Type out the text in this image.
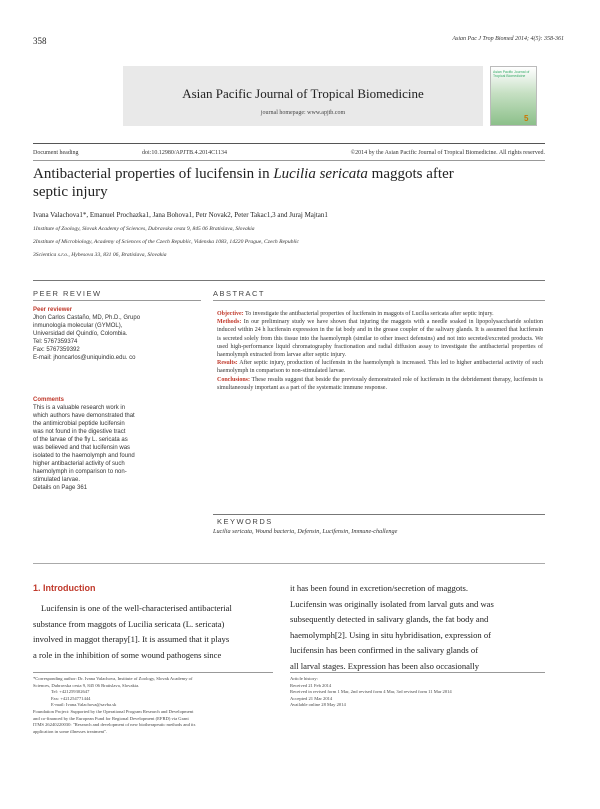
358	Asian Pac J Trop Biomed 2014; 4(5): 358-361
Asian Pacific Journal of Tropical Biomedicine
journal homepage: www.apjtb.com
Asian Pacific Journal of Tropical Biomedicine
5
Document heading	doi:10.12980/APJTB.4.2014C1134	©2014 by the Asian Pacific Journal of Tropical Biomedicine. All rights reserved.
Antibacterial properties of lucifensin in Lucilia sericata maggots after
septic injury
Ivana Valachova1*, Emanuel Prochazka1, Jana Bohova1, Petr Novak2, Peter Takac1,3 and Juraj Majtan1
1Institute of Zoology, Slovak Academy of Sciences, Dubravska cesta 9, 845 06 Bratislava, Slovakia
2Institute of Microbiology, Academy of Sciences of the Czech Republic, Videnska 1083, 14220 Prague, Czech Republic
3Scientica s.r.o., Hybesova 33, 831 06, Bratislava, Slovakia
PEER REVIEW
Peer reviewer
Jhon Carlos Castaño, MD, Ph.D., Grupo
inmunología molecular (GYMOL),
Universidad del Quindío, Colombia.
Tel: 5767359374
Fax: 5767359392
E-mail: jhoncarlos@uniquindio.edu. co
Comments
This is a valuable research work in
which authors have demonstrated that
the antimicrobial peptide lucifensin
was not found in the digestive tract
of the larvae of the fly L. sericata as
was believed and that lucifensin was
isolated to the haemolymph and found
higher antibacterial activity of such
haemolymph in comparison to non-
stimulated larvae.
Details on Page 361
ABSTRACT
Objective: To investigate the antibacterial properties of lucifensin in maggots of Lucilia sericata after septic injury.
Methods: In our preliminary study we have shown that injuring the maggots with a needle soaked in lipopolysaccharide solution induced within 24 h lucifensin expression in the fat body and in the grease coupler of the salivary glands. It is assumed that lucifensin is secreted solely from this tissue into the haemolymph (similar to other insect defensins) and not into secreted/excreted products. We used high-performance liquid chromatography fractionation and radial diffusion assay to investigate the antibacterial properties of haemolymph extracted from larvae after septic injury.
Results: After septic injury, production of lucifensin in the haemolymph is increased. This led to higher antibacterial activity of such haemolymph in comparison to non-stimulated larvae.
Conclusions: These results suggest that beside the previously demonstrated role of lucifensin in the debridement therapy, lucifensin is simultaneously important as a part of the systematic immune response.
KEYWORDS
Lucilia sericata, Wound bacteria, Defensin, Lucifensin, Immune-challenge
1. Introduction
Lucifensin is one of the well-characterised antibacterial
substance from maggots of Lucilia sericata (L. sericata)
involved in maggot therapy[1]. It is assumed that it plays
a role in the inhibition of some wound pathogens since
it has been found in excretion/secretion of maggots.
Lucifensin was originally isolated from larval guts and was
subsequently detected in salivary glands, the fat body and
haemolymph[2]. Using in situ hybridisation, expression of
lucifensin has been confirmed in the salivary glands of
all larval stages. Expression has been also occasionally
*Corresponding author: Dr. Ivana Valachova, Institute of Zoology, Slovak Academy of
Sciences, Dubravska cesta 9, 845 06 Bratislava, Slovakia.
Tel: +421259302647
Fax: +421254771444
E-mail: Ivana.Valachova@savba.sk
Foundation Project: Supported by the Operational Program Research and Development
and co-financed by the European Fund for Regional Development (EFRD) via Grant
ITMS 26240220030: "Research and development of new biotherapeutic methods and its
application in some illnesses treatment".
Article history:
Received 21 Feb 2014
Received in revised form 1 Mar, 2nd revised form 4 Mar, 3rd revised form 11 Mar 2014
Accepted 21 Mar 2014
Available online 28 May 2014
